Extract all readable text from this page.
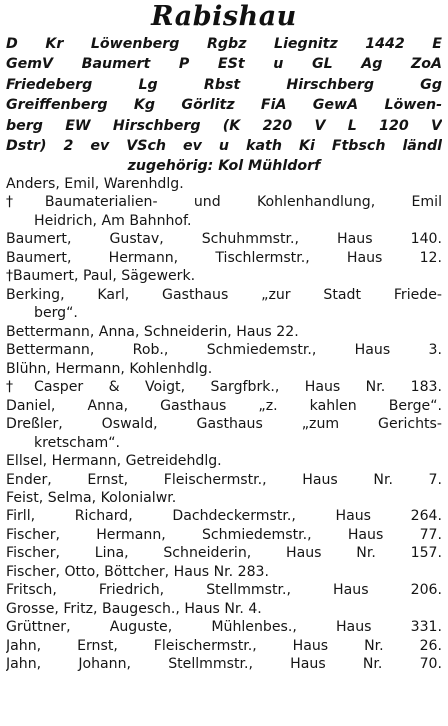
Rabishau
D Kr Löwenberg Rgbz Liegnitz 1442 E
GemV Baumert P ESt u GL Ag ZoA
Friedeberg Lg Rbst Hirschberg Gg
Greiffenberg Kg Görlitz FiA GewA Löwen-
berg EW Hirschberg (K 220 V L 120 V
Dstr) 2 ev VSch ev u kath Ki Ftbsch ländl
zugehörig: Kol Mühldorf
Anders, Emil, Warenhdlg.
†Baumaterialien- und Kohlenhandlung, Emil
Heidrich, Am Bahnhof.
Baumert, Gustav, Schuhmmstr., Haus 140.
Baumert, Hermann, Tischlermstr., Haus 12.
†Baumert, Paul, Sägewerk.
Berking, Karl, Gasthaus „zur Stadt Friede-
berg“.
Bettermann, Anna, Schneiderin, Haus 22.
Bettermann, Rob., Schmiedemstr., Haus 3.
Blühn, Hermann, Kohlenhdlg.
†Casper & Voigt, Sargfbrk., Haus Nr. 183.
Daniel, Anna, Gasthaus „z. kahlen Berge“.
Dreßler, Oswald, Gasthaus „zum Gerichts-
kretscham“.
Ellsel, Hermann, Getreidehdlg.
Ender, Ernst, Fleischermstr., Haus Nr. 7.
Feist, Selma, Kolonialwr.
Firll, Richard, Dachdeckermstr., Haus 264.
Fischer, Hermann, Schmiedemstr., Haus 77.
Fischer, Lina, Schneiderin, Haus Nr. 157.
Fischer, Otto, Böttcher, Haus Nr. 283.
Fritsch, Friedrich, Stellmmstr., Haus 206.
Grosse, Fritz, Baugesch., Haus Nr. 4.
Grüttner, Auguste, Mühlenbes., Haus 331.
Jahn, Ernst, Fleischermstr., Haus Nr. 26.
Jahn, Johann, Stellmmstr., Haus Nr. 70.
